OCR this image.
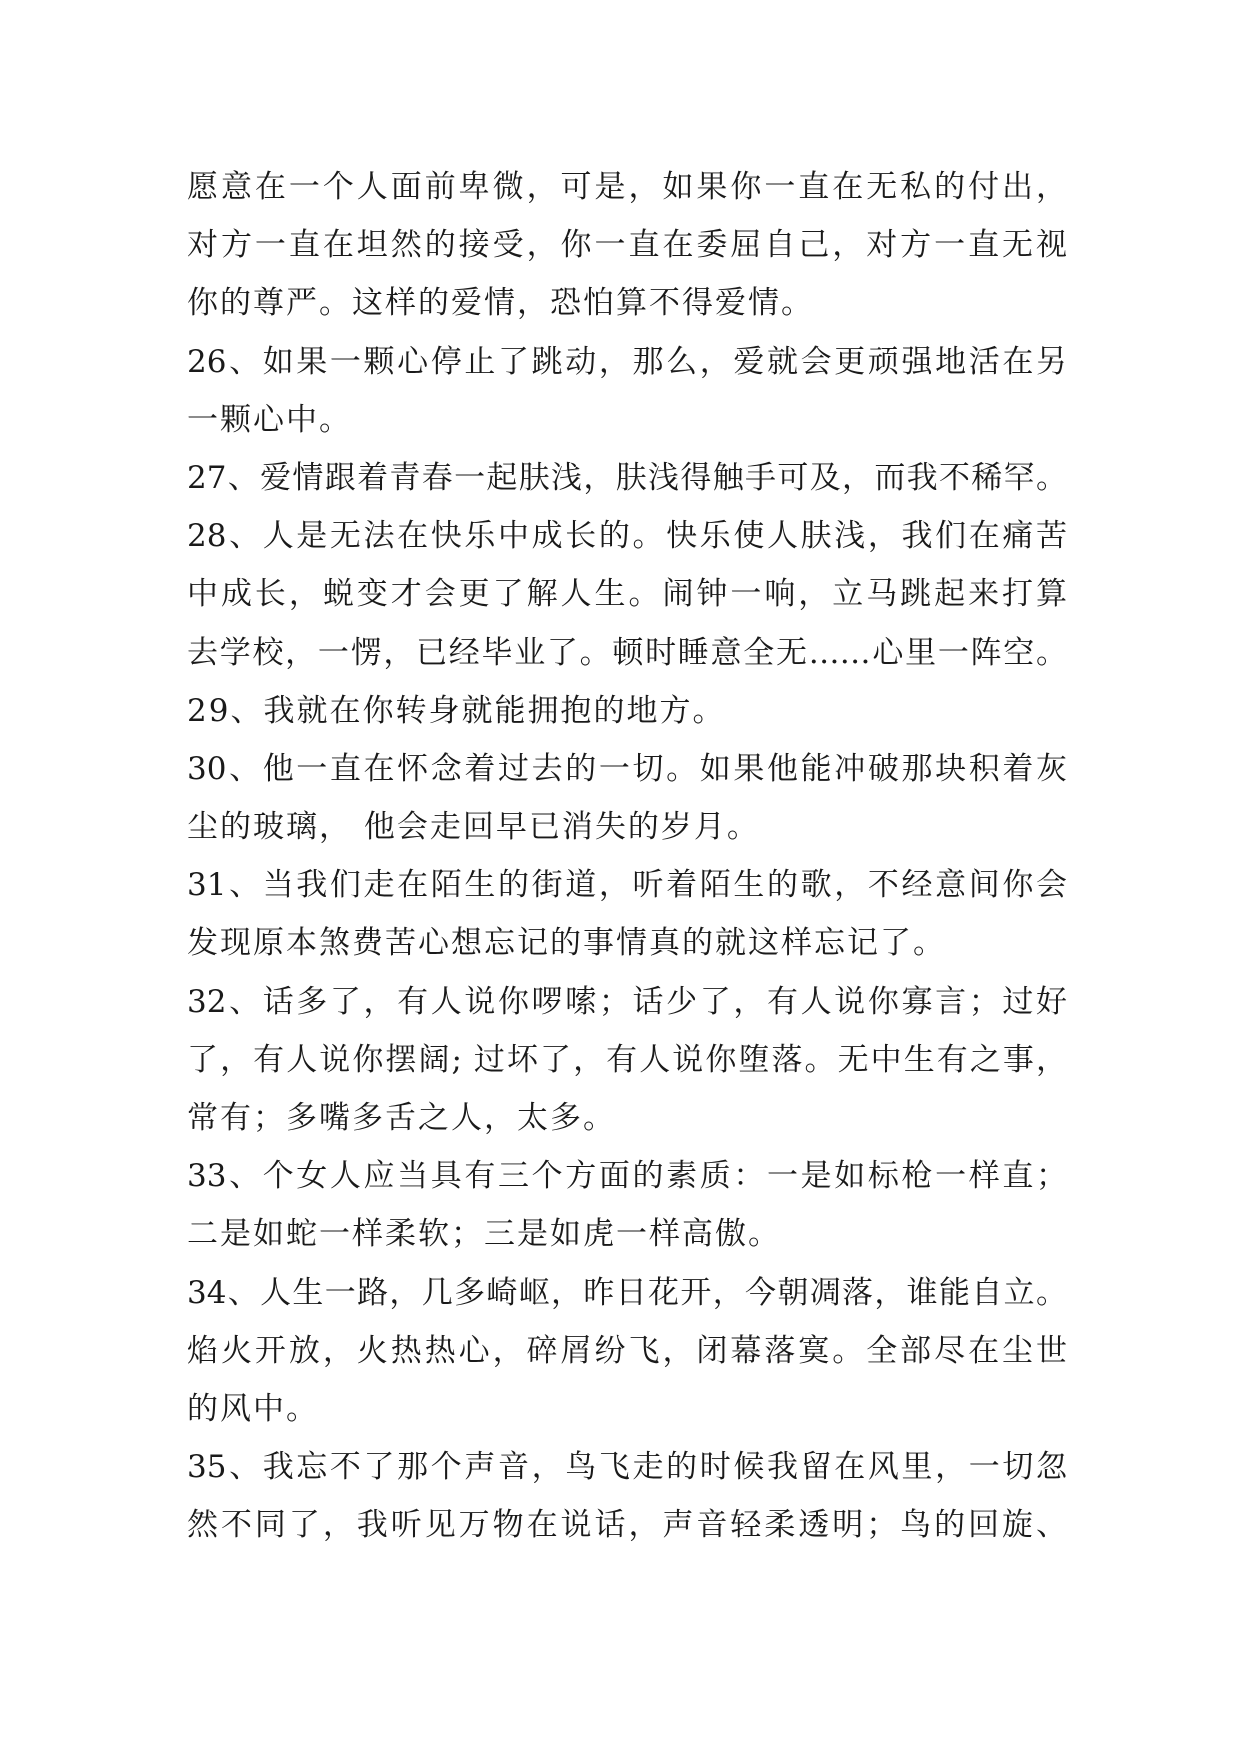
愿意在一个人面前卑微，可是，如果你一直在无私的付出，
对方一直在坦然的接受，你一直在委屈自己，对方一直无视
你的尊严。这样的爱情，恐怕算不得爱情。
26、如果一颗心停止了跳动，那么，爱就会更顽强地活在另
一颗心中。
27、爱情跟着青春一起肤浅，肤浅得触手可及，而我不稀罕。
28、人是无法在快乐中成长的。快乐使人肤浅，我们在痛苦
中成长，蜕变才会更了解人生。闹钟一响，立马跳起来打算
去学校，一愣，已经毕业了。顿时睡意全无……心里一阵空。
29、我就在你转身就能拥抱的地方。
30、他一直在怀念着过去的一切。如果他能冲破那块积着灰
尘的玻璃， 他会走回早已消失的岁月。
31、当我们走在陌生的街道，听着陌生的歌，不经意间你会
发现原本煞费苦心想忘记的事情真的就这样忘记了。
32、话多了，有人说你啰嗦；话少了，有人说你寡言；过好
了，有人说你摆阔; 过坏了，有人说你堕落。无中生有之事，
常有；多嘴多舌之人，太多。
33、个女人应当具有三个方面的素质：一是如标枪一样直；
二是如蛇一样柔软；三是如虎一样高傲。
34、人生一路，几多崎岖，昨日花开，今朝凋落，谁能自立。
焰火开放，火热热心，碎屑纷飞，闭幕落寞。全部尽在尘世
的风中。
35、我忘不了那个声音，鸟飞走的时候我留在风里，一切忽
然不同了，我听见万物在说话，声音轻柔透明；鸟的回旋、
